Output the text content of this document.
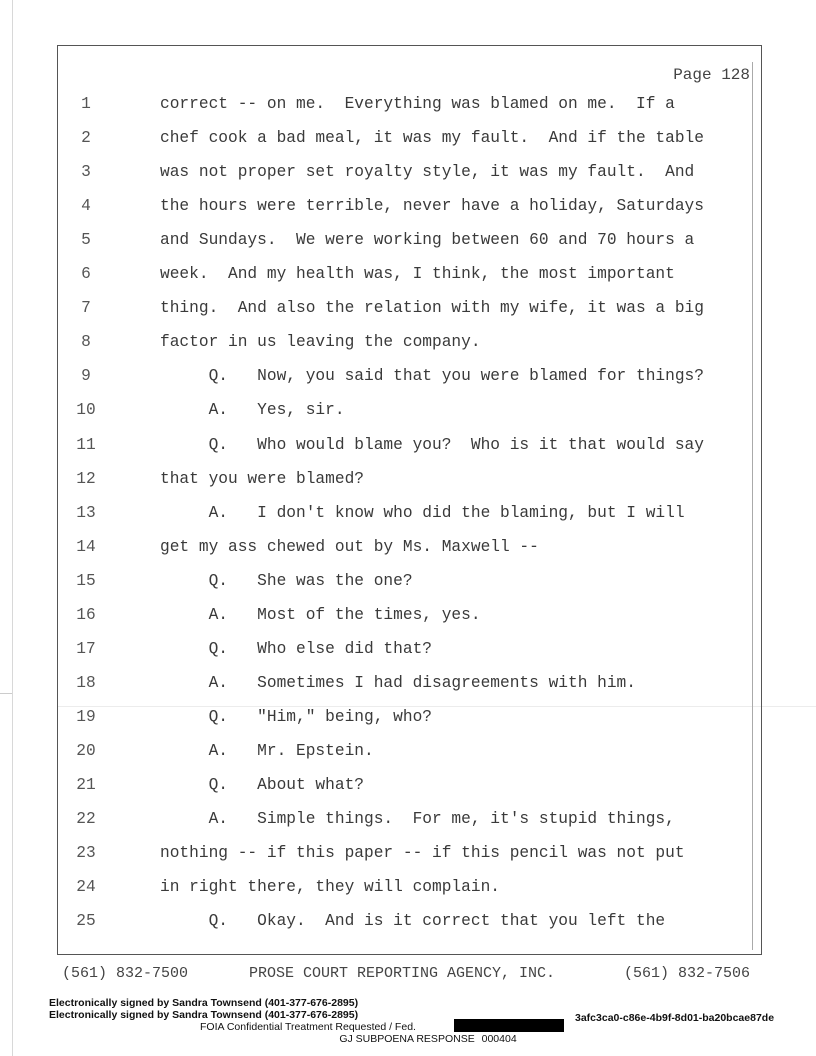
Page 128
1	correct -- on me.  Everything was blamed on me.  If a
2	chef cook a bad meal, it was my fault.  And if the table
3	was not proper set royalty style, it was my fault.  And
4	the hours were terrible, never have a holiday, Saturdays
5	and Sundays.  We were working between 60 and 70 hours a
6	week.  And my health was, I think, the most important
7	thing.  And also the relation with my wife, it was a big
8	factor in us leaving the company.
9	Q.   Now, you said that you were blamed for things?
10	A.   Yes, sir.
11	Q.   Who would blame you?  Who is it that would say
12	that you were blamed?
13	A.   I don't know who did the blaming, but I will
14	get my ass chewed out by Ms. Maxwell --
15	Q.   She was the one?
16	A.   Most of the times, yes.
17	Q.   Who else did that?
18	A.   Sometimes I had disagreements with him.
19	Q.   "Him," being, who?
20	A.   Mr. Epstein.
21	Q.   About what?
22	A.   Simple things.  For me, it's stupid things,
23	nothing -- if this paper -- if this pencil was not put
24	in right there, they will complain.
25	Q.   Okay.  And is it correct that you left the

(561) 832-7500

	PROSE COURT REPORTING AGENCY, INC.

	(561) 832-7506

Electronically signed by Sandra Townsend (401-377-676-2895)
Electronically signed by Sandra Townsend (401-377-676-2895)	3afc3ca0-c86e-4b9f-8d01-ba20bcae87de
FOIA Confidential Treatment Requested / Fed.
GJ SUBPOENA RESPONSE 000404
